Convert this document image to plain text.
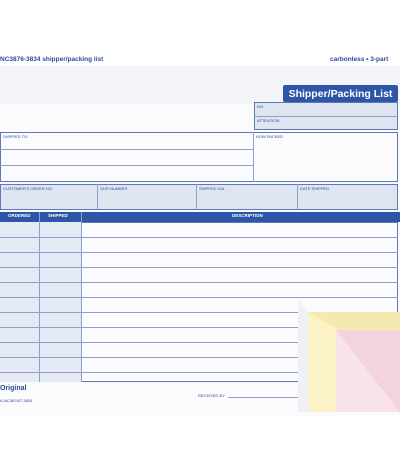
NC3876-3834 shipper/packing list	carbonless • 3-part
Shipper/Packing List
NO.
ATTENTION
SHIPPED TO:	HOW PACKED
CUSTOMER'S ORDER NO.	OUR NUMBER	SHIPPED VIA	DATE SHIPPED
ORDERED	SHIPPED	DESCRIPTION
Original
A-NC3876/T-3834
RECEIVED BY
